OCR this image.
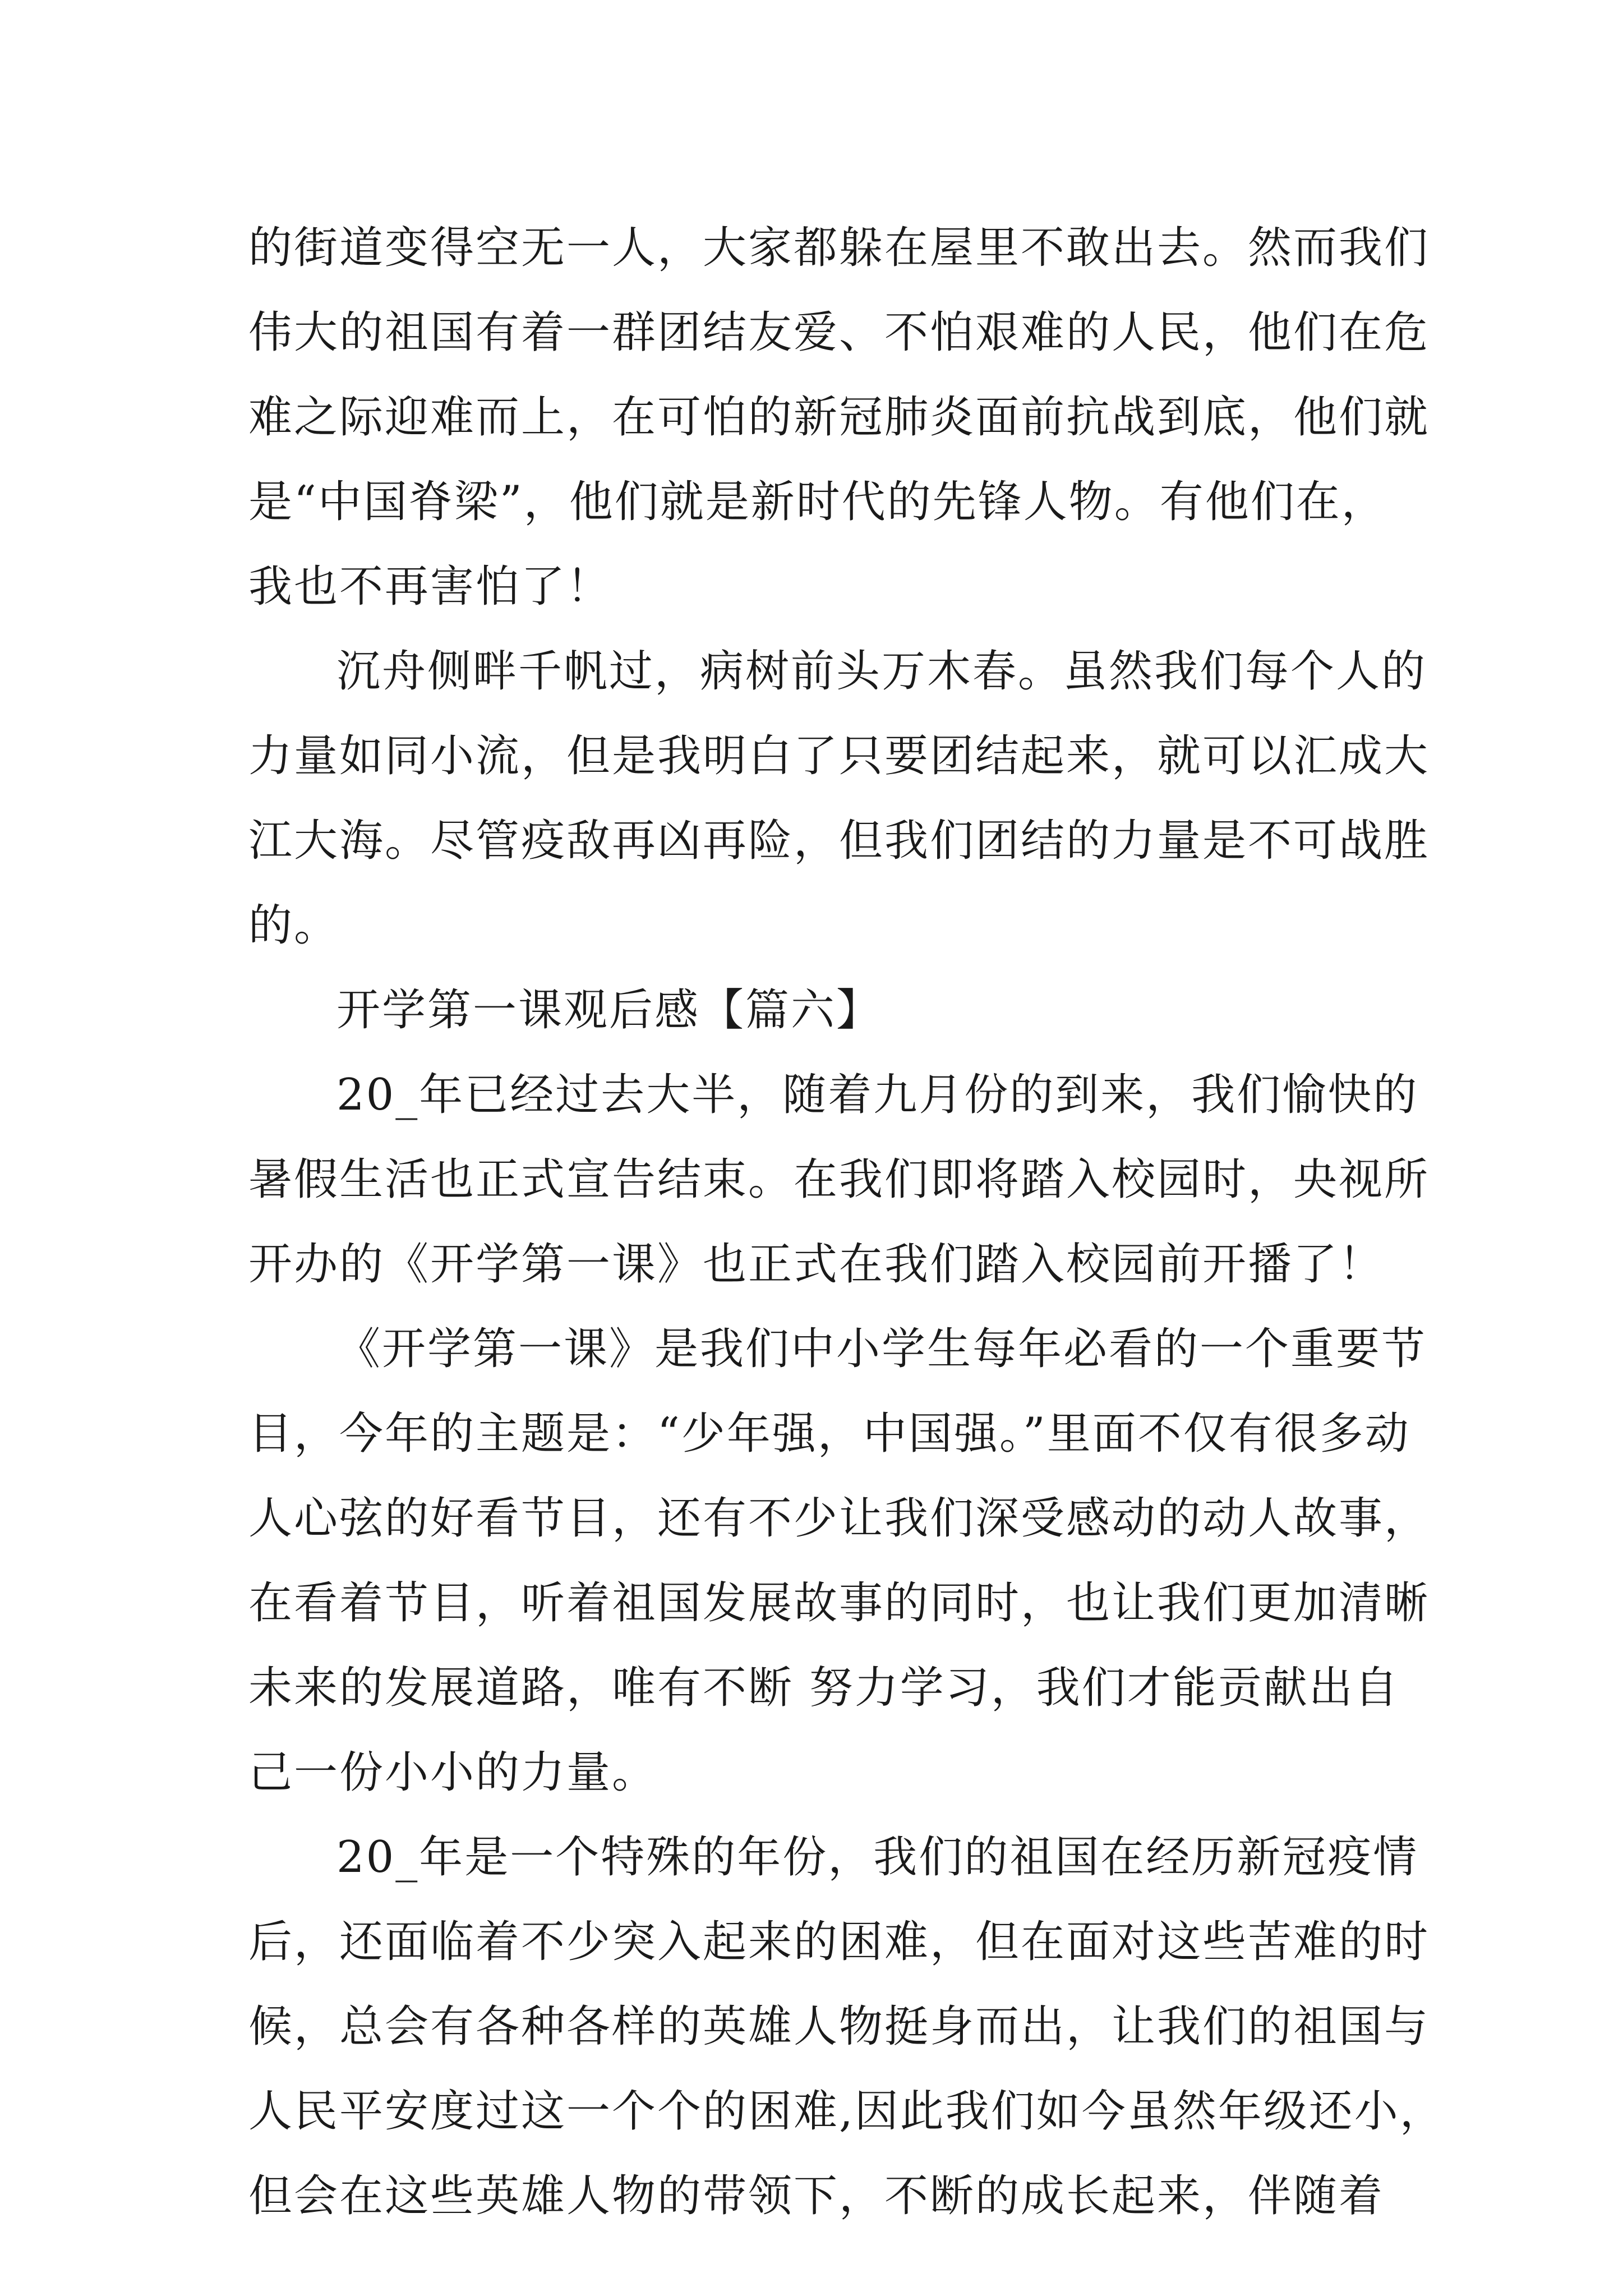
的街道变得空无一人，大家都躲在屋里不敢出去。然而我们
伟大的祖国有着一群团结友爱、不怕艰难的人民，他们在危
难之际迎难而上，在可怕的新冠肺炎面前抗战到底，他们就
是“中国脊梁”，他们就是新时代的先锋人物。有他们在，
我也不再害怕了！
沉舟侧畔千帆过，病树前头万木春。虽然我们每个人的
力量如同小流，但是我明白了只要团结起来，就可以汇成大
江大海。尽管疫敌再凶再险，但我们团结的力量是不可战胜
的。
开学第一课观后感【篇六】
20_年已经过去大半，随着九月份的到来，我们愉快的
暑假生活也正式宣告结束。在我们即将踏入校园时，央视所
开办的《开学第一课》也正式在我们踏入校园前开播了！
《开学第一课》是我们中小学生每年必看的一个重要节
目，今年的主题是：“少年强，中国强。”里面不仅有很多动
人心弦的好看节目，还有不少让我们深受感动的动人故事，
在看着节目，听着祖国发展故事的同时，也让我们更加清晰
未来的发展道路，唯有不断 努力学习，我们才能贡献出自
己一份小小的力量。
20_年是一个特殊的年份，我们的祖国在经历新冠疫情
后，还面临着不少突入起来的困难，但在面对这些苦难的时
候，总会有各种各样的英雄人物挺身而出，让我们的祖国与
人民平安度过这一个个的困难,因此我们如今虽然年级还小，
但会在这些英雄人物的带领下，不断的成长起来，伴随着
